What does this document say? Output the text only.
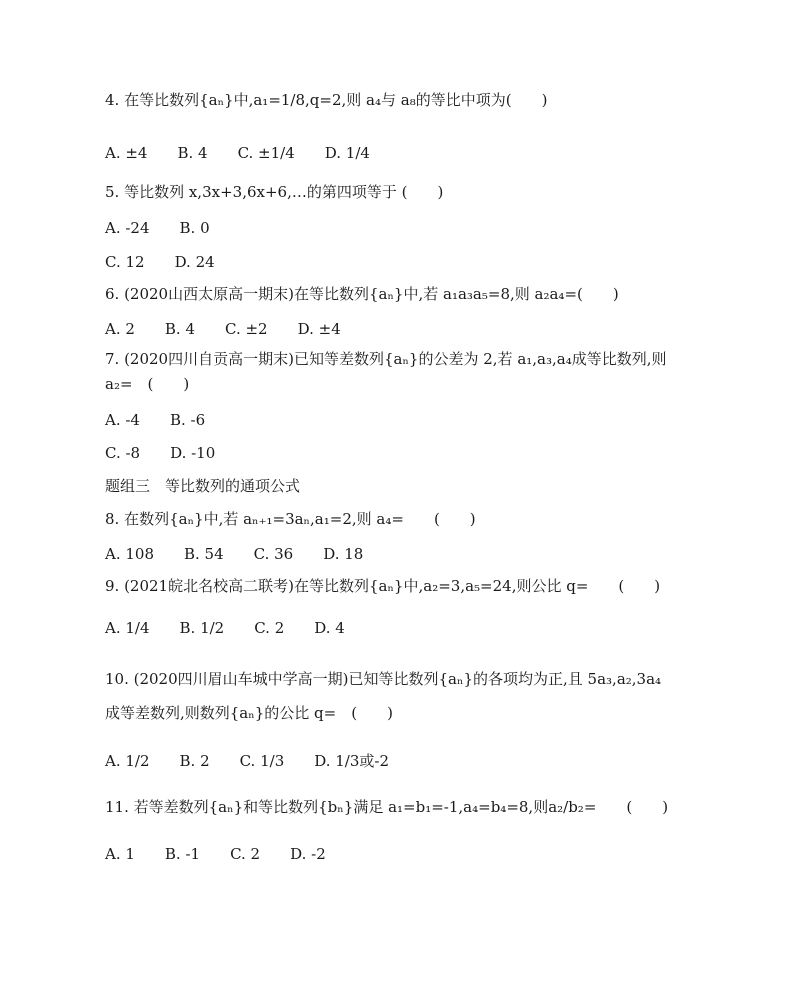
4. 在等比数列{aₙ}中,a₁=1/8,q=2,则 a₄与 a₈的等比中项为(　　)
A. ±4　　B. 4　　C. ±1/4　　D. 1/4
5. 等比数列 x,3x+3,6x+6,…的第四项等于 (　　)
A. -24　　B. 0
C. 12　　D. 24
6. (2020山西太原高一期末)在等比数列{aₙ}中,若 a₁a₃a₅=8,则 a₂a₄=(　　)
A. 2　　B. 4　　C. ±2　　D. ±4
7. (2020四川自贡高一期末)已知等差数列{aₙ}的公差为 2,若 a₁,a₃,a₄成等比数列,则
a₂=　(　　)
A. -4　　B. -6
C. -8　　D. -10
题组三　等比数列的通项公式
8. 在数列{aₙ}中,若 aₙ₊₁=3aₙ,a₁=2,则 a₄=　　(　　)
A. 108　　B. 54　　C. 36　　D. 18
9. (2021皖北名校高二联考)在等比数列{aₙ}中,a₂=3,a₅=24,则公比 q=　　(　　)
A. 1/4　　B. 1/2　　C. 2　　D. 4
10. (2020四川眉山车城中学高一期)已知等比数列{aₙ}的各项均为正,且 5a₃,a₂,3a₄
成等差数列,则数列{aₙ}的公比 q=　(　　)
A. 1/2　　B. 2　　C. 1/3　　D. 1/3或-2
11. 若等差数列{aₙ}和等比数列{bₙ}满足 a₁=b₁=-1,a₄=b₄=8,则a₂/b₂=　　(　　)
A. 1　　B. -1　　C. 2　　D. -2
